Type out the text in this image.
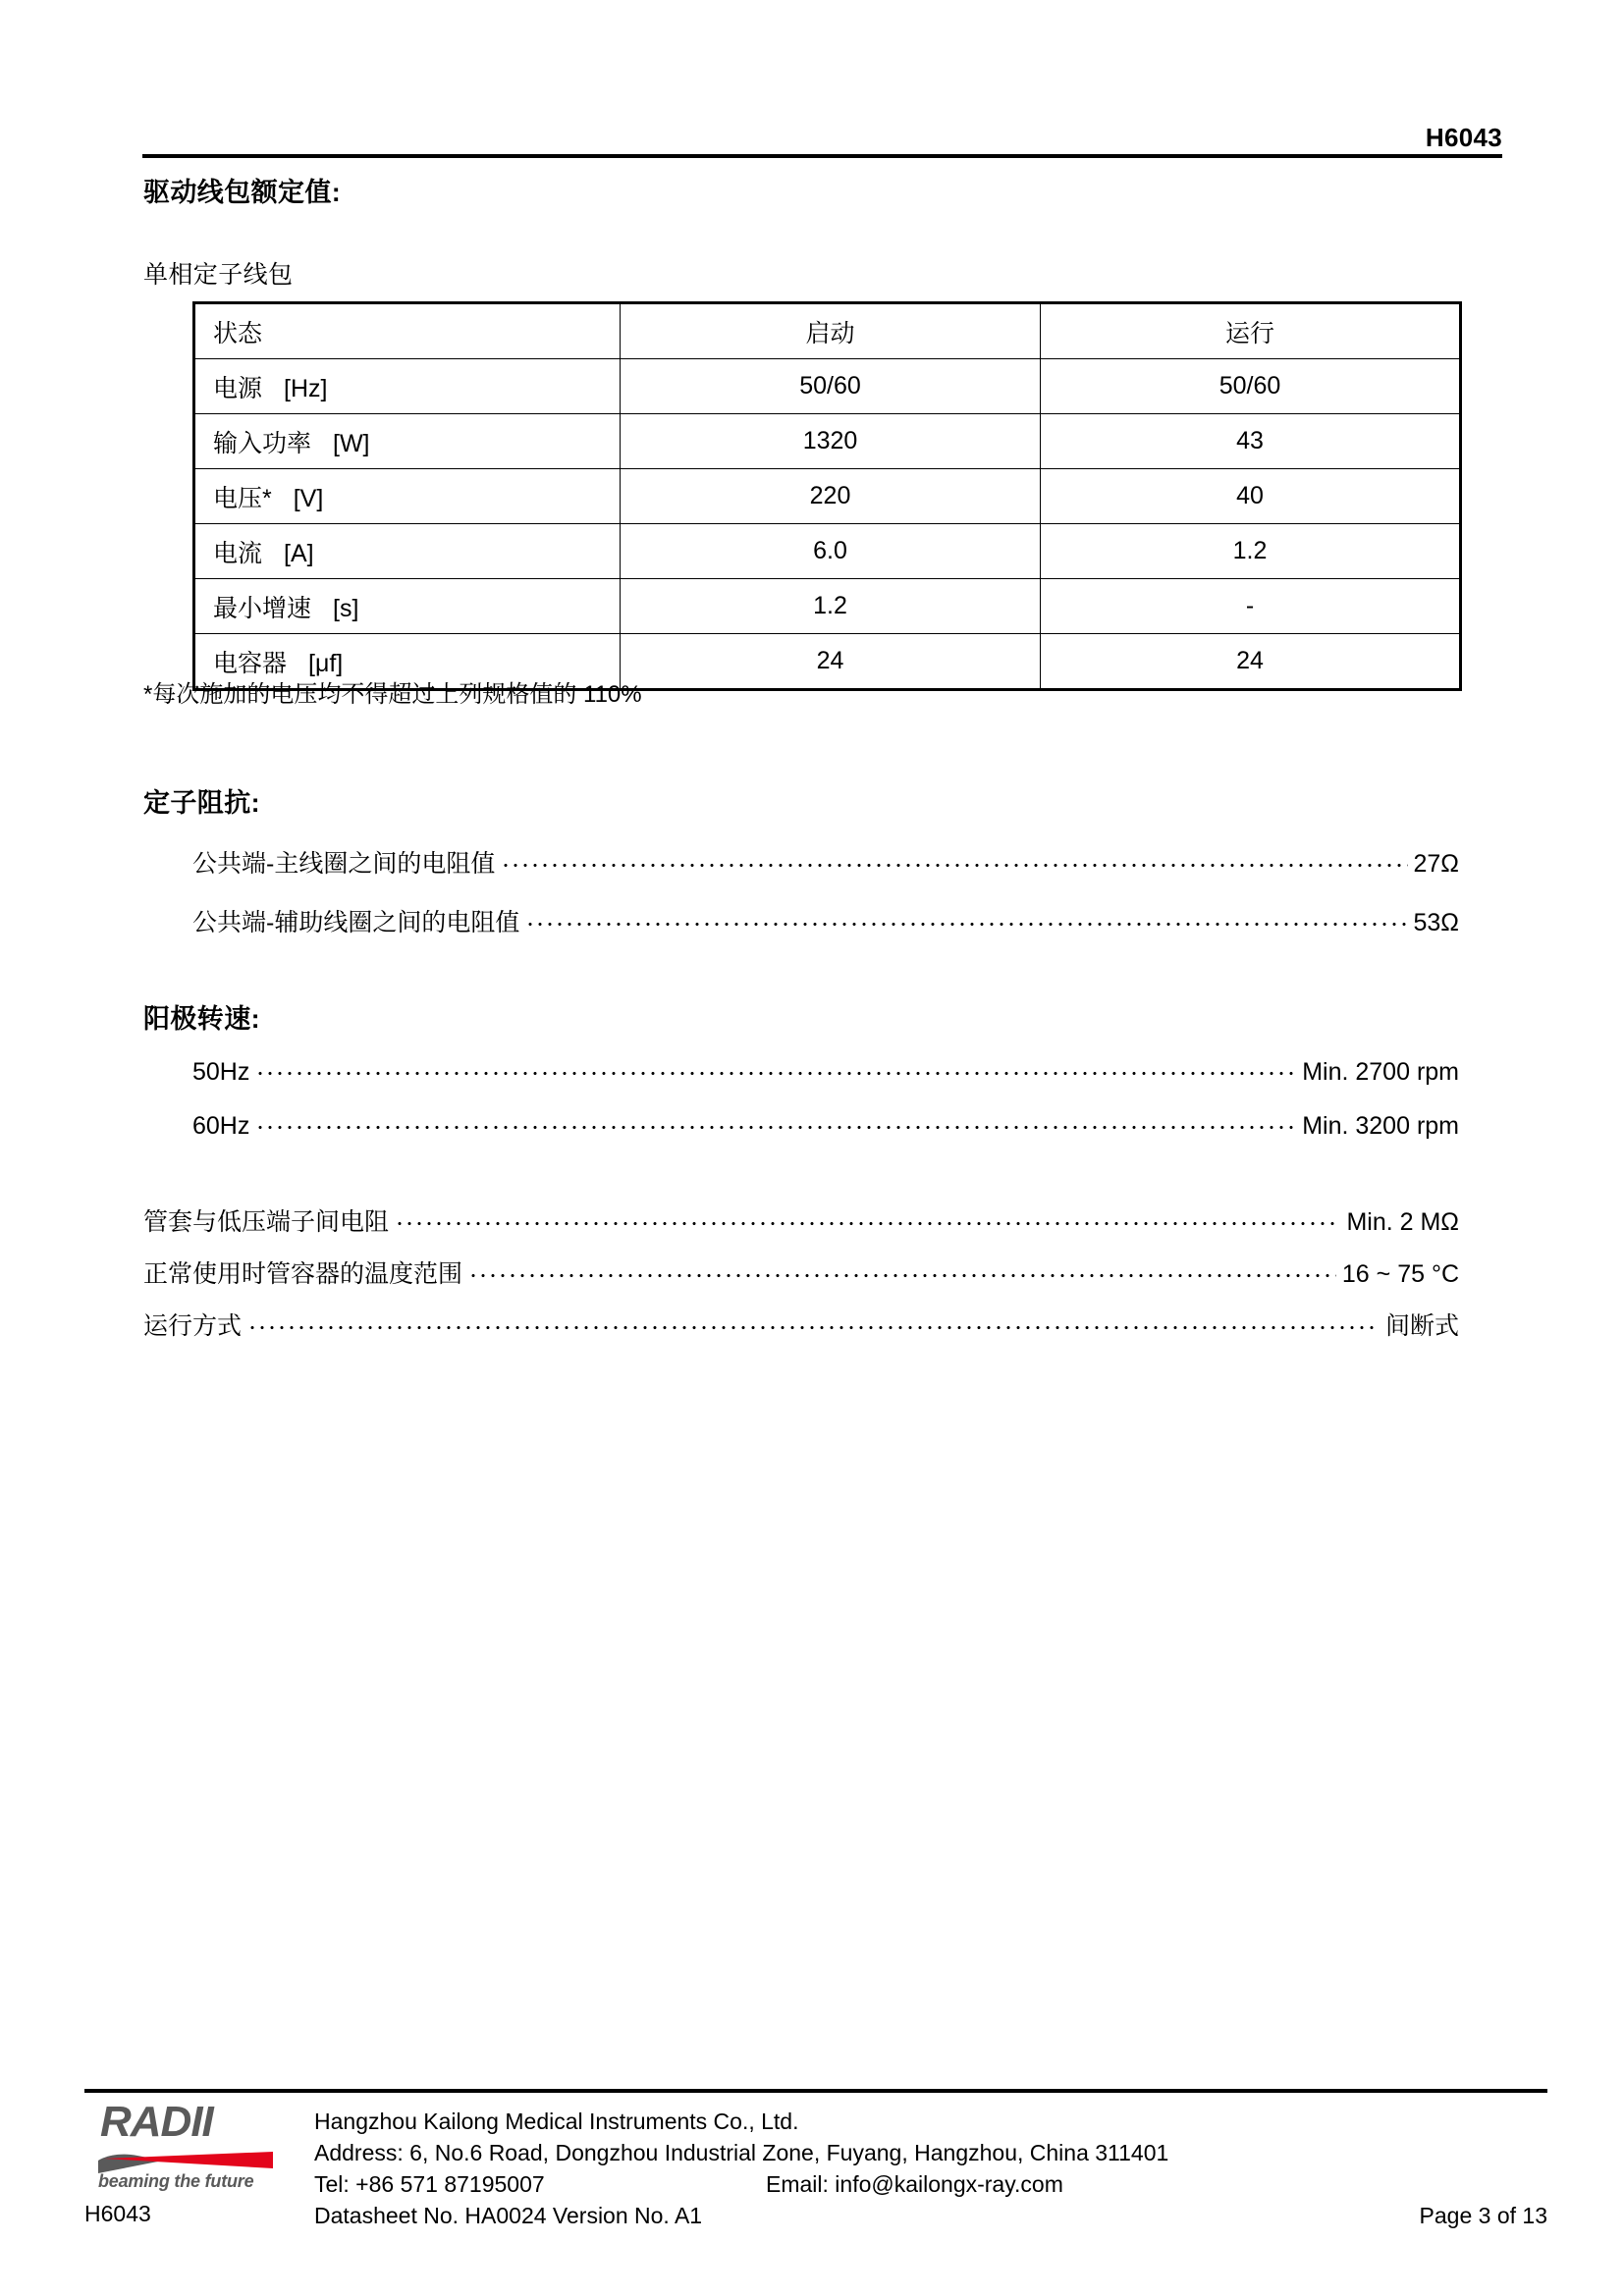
H6043
驱动线包额定值:
单相定子线包
状态	启动	运行
电源 [Hz]	50/60	50/60
输入功率 [W]	1320	43
电压* [V]	220	40
电流 [A]	6.0	1.2
最小增速 [s]	1.2	-
电容器 [μf]	24	24
*每次施加的电压均不得超过上列规格值的 110%
定子阻抗:
公共端-主线圈之间的电阻值	27Ω
公共端-辅助线圈之间的电阻值	53Ω
阳极转速:
50Hz	Min. 2700 rpm
60Hz	Min. 3200 rpm
管套与低压端子间电阻	Min. 2 MΩ
正常使用时管容器的温度范围	16 ~ 75 °C
运行方式	间断式
RADII
beaming the future
H6043
Hangzhou Kailong Medical Instruments Co., Ltd.
Address: 6, No.6 Road, Dongzhou Industrial Zone, Fuyang, Hangzhou, China 311401
Tel: +86 571 87195007	Email: info@kailongx-ray.com
Datasheet No. HA0024 Version No. A1	Page 3 of 13
